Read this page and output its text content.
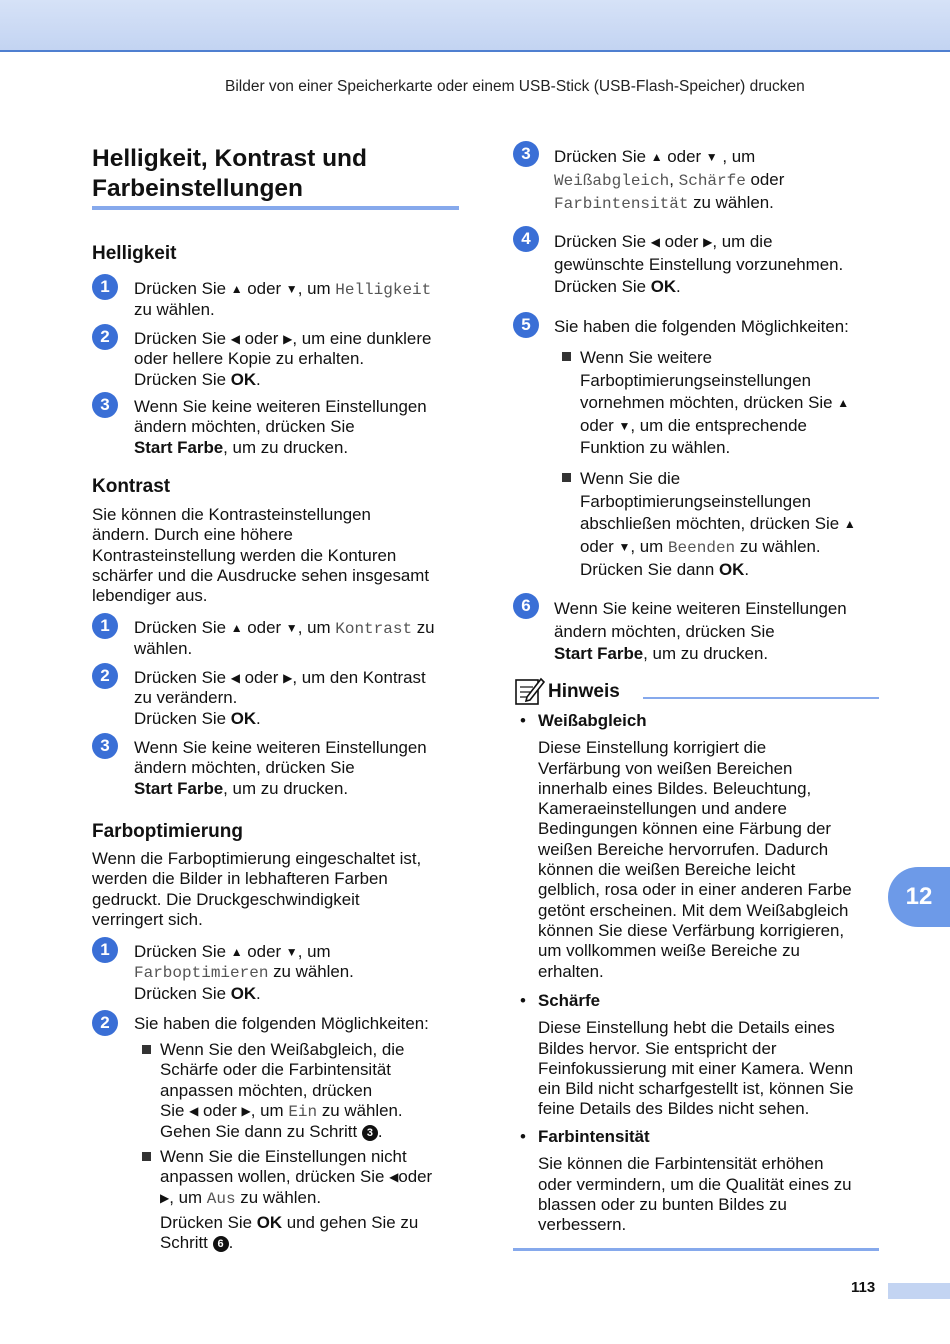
Bilder von einer Speicherkarte oder einem USB-Stick (USB-Flash-Speicher) drucken
Helligkeit, Kontrast und
Farbeinstellungen
Helligkeit
1	Drücken Sie ▲ oder ▼, um Helligkeit
zu wählen.
2	Drücken Sie ◀ oder ▶, um eine dunklere
oder hellere Kopie zu erhalten.
Drücken Sie OK.
3	Wenn Sie keine weiteren Einstellungen
ändern möchten, drücken Sie
Start Farbe, um zu drucken.
Kontrast
Sie können die Kontrasteinstellungen
ändern. Durch eine höhere
Kontrasteinstellung werden die Konturen
schärfer und die Ausdrucke sehen insgesamt
lebendiger aus.
1	Drücken Sie ▲ oder ▼, um Kontrast zu
wählen.
2	Drücken Sie ◀ oder ▶, um den Kontrast
zu verändern.
Drücken Sie OK.
3	Wenn Sie keine weiteren Einstellungen
ändern möchten, drücken Sie
Start Farbe, um zu drucken.
Farboptimierung
Wenn die Farboptimierung eingeschaltet ist,
werden die Bilder in lebhafteren Farben
gedruckt. Die Druckgeschwindigkeit
verringert sich.
1	Drücken Sie ▲ oder ▼, um
Farboptimieren zu wählen.
Drücken Sie OK.
2	Sie haben die folgenden Möglichkeiten:
Wenn Sie den Weißabgleich, die
Schärfe oder die Farbintensität
anpassen möchten, drücken
Sie ◀ oder ▶, um Ein zu wählen.
Gehen Sie dann zu Schritt 3 .
Wenn Sie die Einstellungen nicht
anpassen wollen, drücken Sie ◀oder
▶, um Aus zu wählen.
Drücken Sie OK und gehen Sie zu
Schritt 6 .
3	Drücken Sie ▲ oder ▼ , um
Weißabgleich, Schärfe oder
Farbintensität zu wählen.
4	Drücken Sie ◀ oder ▶, um die
gewünschte Einstellung vorzunehmen.
Drücken Sie OK.
5	Sie haben die folgenden Möglichkeiten:
Wenn Sie weitere
Farboptimierungseinstellungen
vornehmen möchten, drücken Sie ▲
oder ▼, um die entsprechende
Funktion zu wählen.
Wenn Sie die
Farboptimierungseinstellungen
abschließen möchten, drücken Sie ▲
oder ▼, um Beenden zu wählen.
Drücken Sie dann OK.
6	Wenn Sie keine weiteren Einstellungen
ändern möchten, drücken Sie
Start Farbe, um zu drucken.
Hinweis
• Weißabgleich
Diese Einstellung korrigiert die
Verfärbung von weißen Bereichen
innerhalb eines Bildes. Beleuchtung,
Kameraeinstellungen und andere
Bedingungen können eine Färbung der
weißen Bereiche hervorrufen. Dadurch
können die weißen Bereiche leicht
gelblich, rosa oder in einer anderen Farbe
getönt erscheinen. Mit dem Weißabgleich
können Sie diese Verfärbung korrigieren,
um vollkommen weiße Bereiche zu
erhalten.
• Schärfe
Diese Einstellung hebt die Details eines
Bildes hervor. Sie entspricht der
Feinfokussierung mit einer Kamera. Wenn
ein Bild nicht scharfgestellt ist, können Sie
feine Details des Bildes nicht sehen.
• Farbintensität
Sie können die Farbintensität erhöhen
oder vermindern, um die Qualität eines zu
blassen oder zu bunten Bildes zu
verbessern.
12
113
